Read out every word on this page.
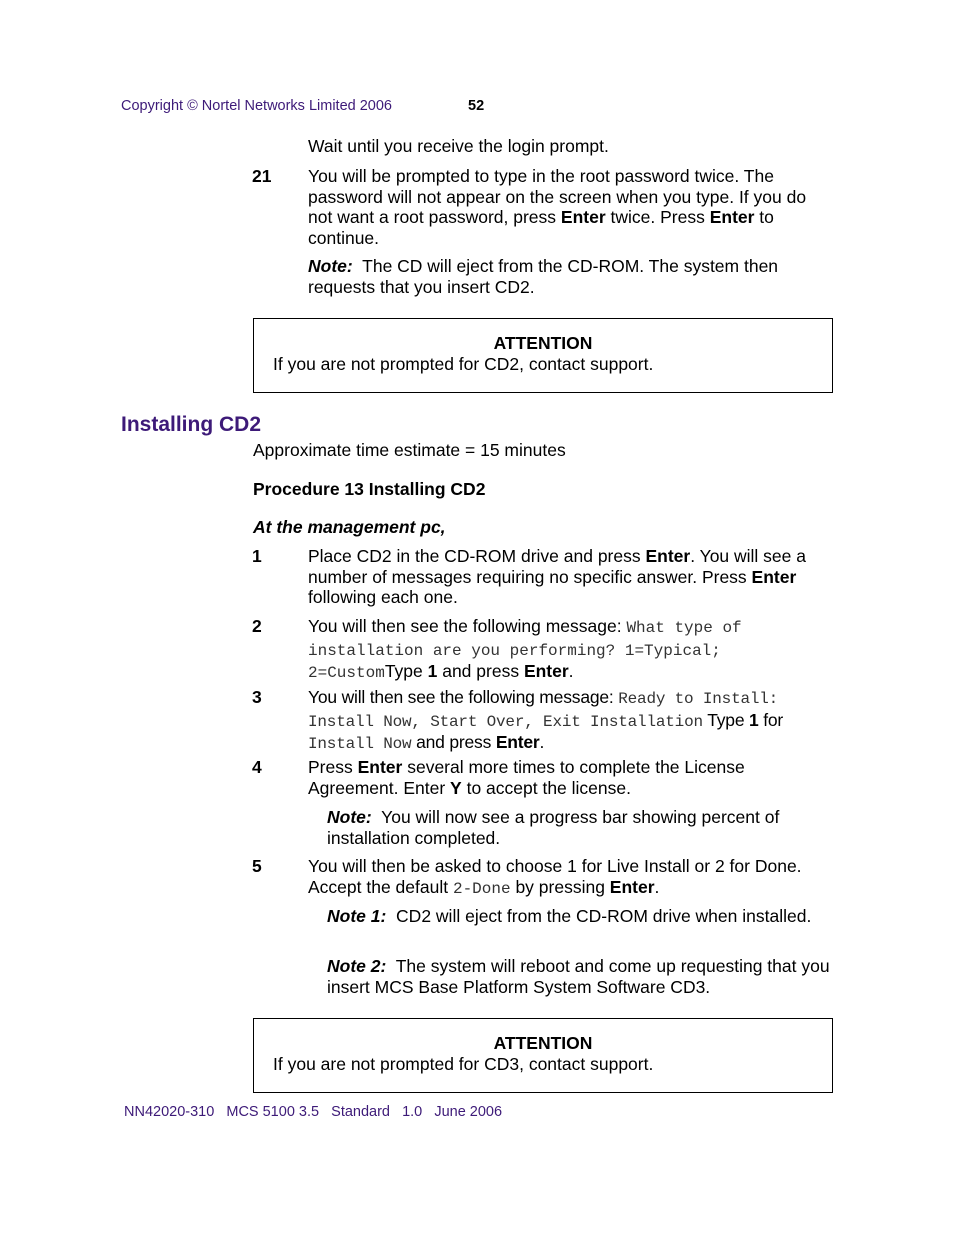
Copyright © Nortel Networks Limited 2006	52
Wait until you receive the login prompt.
21 You will be prompted to type in the root password twice. The password will not appear on the screen when you type. If you do not want a root password, press Enter twice. Press Enter to continue.
Note: The CD will eject from the CD-ROM. The system then requests that you insert CD2.
ATTENTION
If you are not prompted for CD2, contact support.
Installing CD2
Approximate time estimate = 15 minutes
Procedure 13 Installing CD2
At the management pc,
1	Place CD2 in the CD-ROM drive and press Enter. You will see a number of messages requiring no specific answer. Press Enter following each one.
2	You will then see the following message: What type of installation are you performing? 1=Typical; 2=CustomType 1 and press Enter.
3	You will then see the following message: Ready to Install: Install Now, Start Over, Exit Installation Type 1 for Install Now and press Enter.
4	Press Enter several more times to complete the License Agreement. Enter Y to accept the license.
Note: You will now see a progress bar showing percent of installation completed.
5	You will then be asked to choose 1 for Live Install or 2 for Done. Accept the default 2-Done by pressing Enter.
Note 1: CD2 will eject from the CD-ROM drive when installed.
Note 2: The system will reboot and come up requesting that you insert MCS Base Platform System Software CD3.
ATTENTION
If you are not prompted for CD3, contact support.
NN42020-310   MCS 5100 3.5   Standard   1.0   June 2006
